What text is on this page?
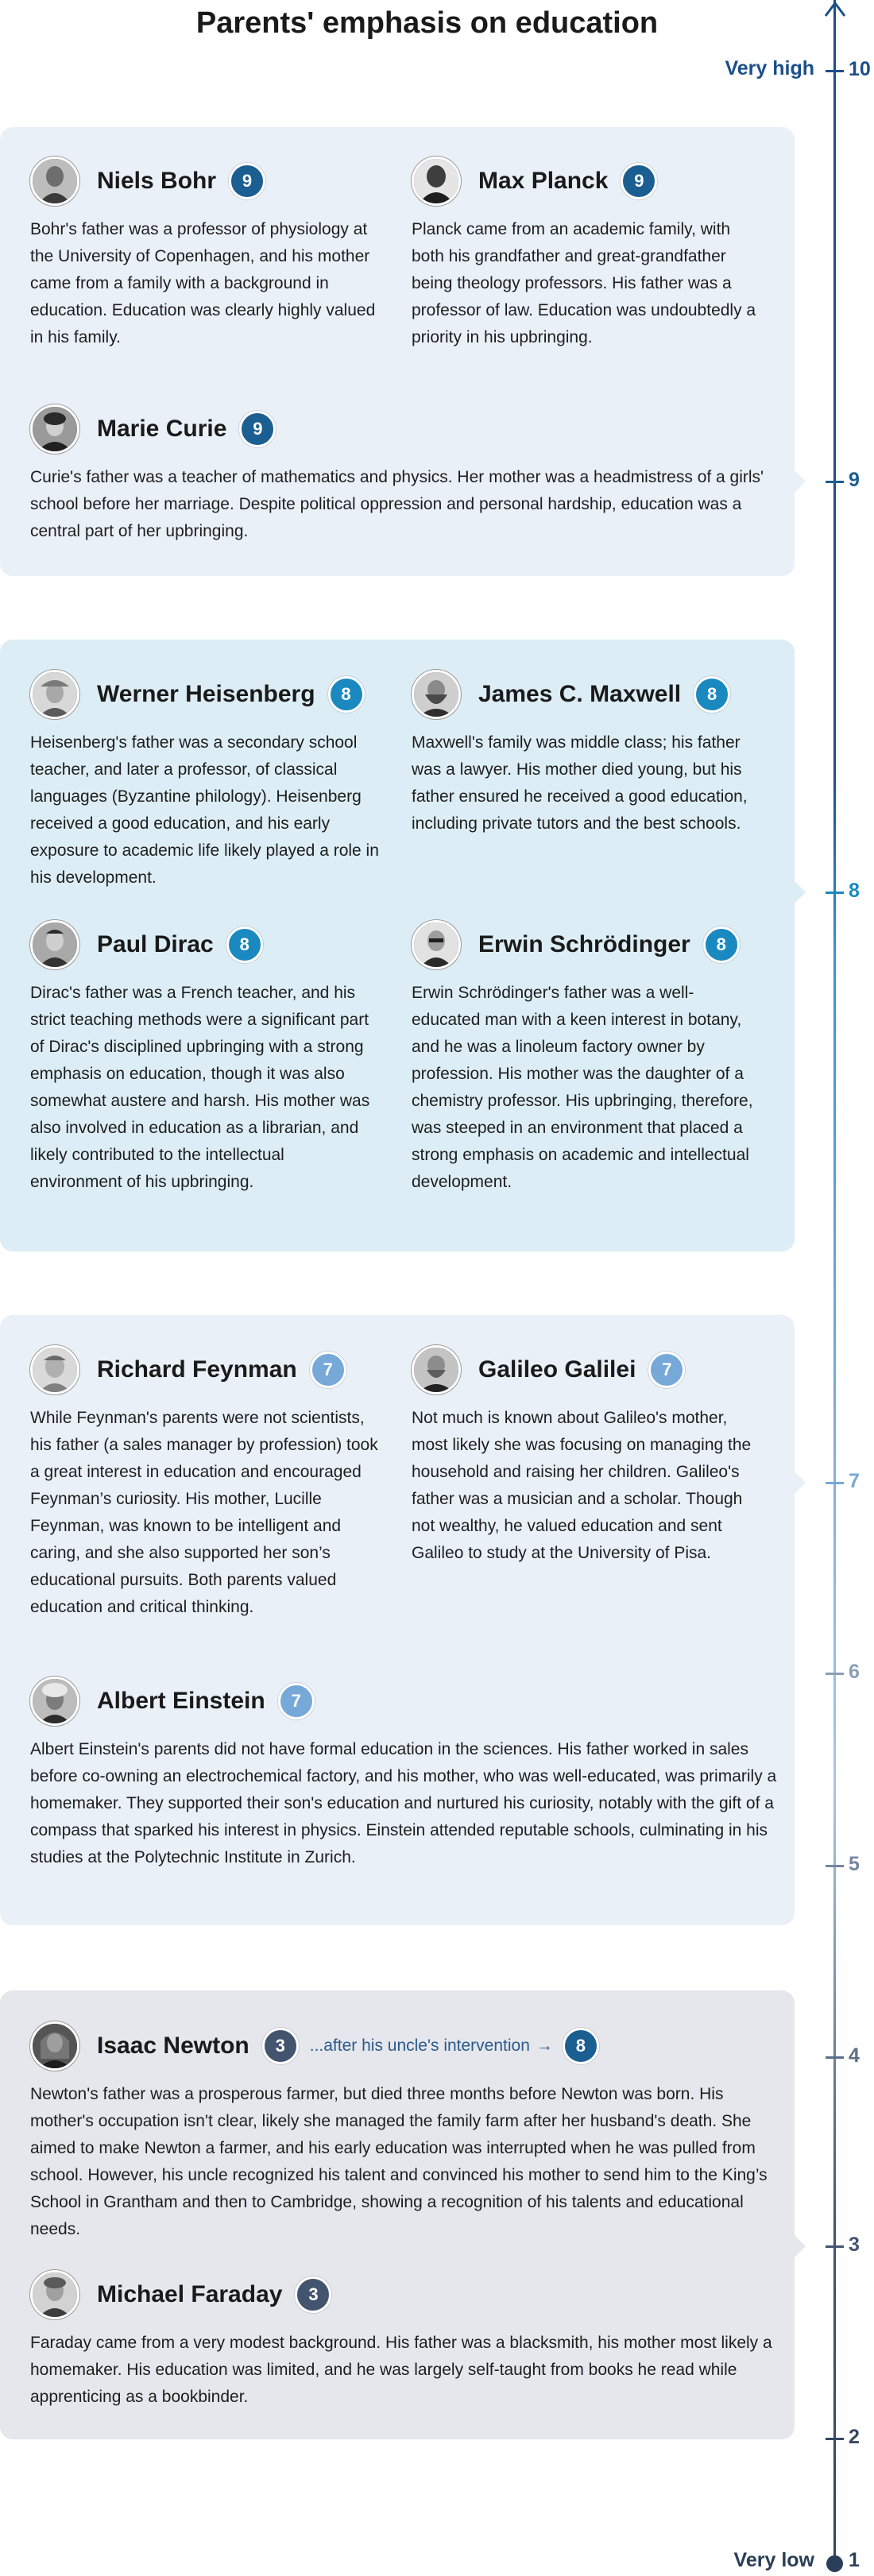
Parents' emphasis on education
Very high
Very low
10
9
8
7
6
5
4
3
2
1
Niels Bohr	9
Bohr's father was a professor of physiology at the University of Copenhagen, and his mother came from a family with a background in education. Education was clearly highly valued in his family.
Max Planck	9
Planck came from an academic family, with both his grandfather and great-grandfather being theology professors. His father was a professor of law. Education was undoubtedly a priority in his upbringing.
Marie Curie	9
Curie's father was a teacher of mathematics and physics. Her mother was a headmistress of a girls' school before her marriage. Despite political oppression and personal hardship, education was a central part of her upbringing.
Werner Heisenberg	8
Heisenberg's father was a secondary school teacher, and later a professor, of classical languages (Byzantine philology). Heisenberg received a good education, and his early exposure to academic life likely played a role in his development.
James C. Maxwell	8
Maxwell's family was middle class; his father was a lawyer. His mother died young, but his father ensured he received a good education, including private tutors and the best schools.
Paul Dirac	8
Dirac's father was a French teacher, and his strict teaching methods were a significant part of Dirac's disciplined upbringing with a strong emphasis on education, though it was also somewhat austere and harsh. His mother was also involved in education as a librarian, and likely contributed to the intellectual environment of his upbringing.
Erwin Schrödinger	8
Erwin Schrödinger's father was a well-educated man with a keen interest in botany, and he was a linoleum factory owner by profession. His mother was the daughter of a chemistry professor. His upbringing, therefore, was steeped in an environment that placed a strong emphasis on academic and intellectual development.
Richard Feynman	7
While Feynman's parents were not scientists, his father (a sales manager by profession) took a great interest in education and encouraged Feynman’s curiosity. His mother, Lucille Feynman, was known to be intelligent and caring, and she also supported her son’s educational pursuits. Both parents valued education and critical thinking.
Galileo Galilei	7
Not much is known about Galileo's mother, most likely she was focusing on managing the household and raising her children. Galileo's father was a musician and a scholar. Though not wealthy, he valued education and sent Galileo to study at the University of Pisa.
Albert Einstein	7
Albert Einstein's parents did not have formal education in the sciences. His father worked in sales before co-owning an electrochemical factory, and his mother, who was well-educated, was primarily a homemaker. They supported their son's education and nurtured his curiosity, notably with the gift of a compass that sparked his interest in physics. Einstein attended reputable schools, culminating in his studies at the Polytechnic Institute in Zurich.
Isaac Newton	3	...after his uncle's intervention →	8
Newton's father was a prosperous farmer, but died three months before Newton was born. His mother's occupation isn't clear, likely she managed the family farm after her husband's death. She aimed to make Newton a farmer, and his early education was interrupted when he was pulled from school. However, his uncle recognized his talent and convinced his mother to send him to the King’s School in Grantham and then to Cambridge, showing a recognition of his talents and educational needs.
Michael Faraday	3
Faraday came from a very modest background. His father was a blacksmith, his mother most likely a homemaker. His education was limited, and he was largely self-taught from books he read while apprenticing as a bookbinder.
